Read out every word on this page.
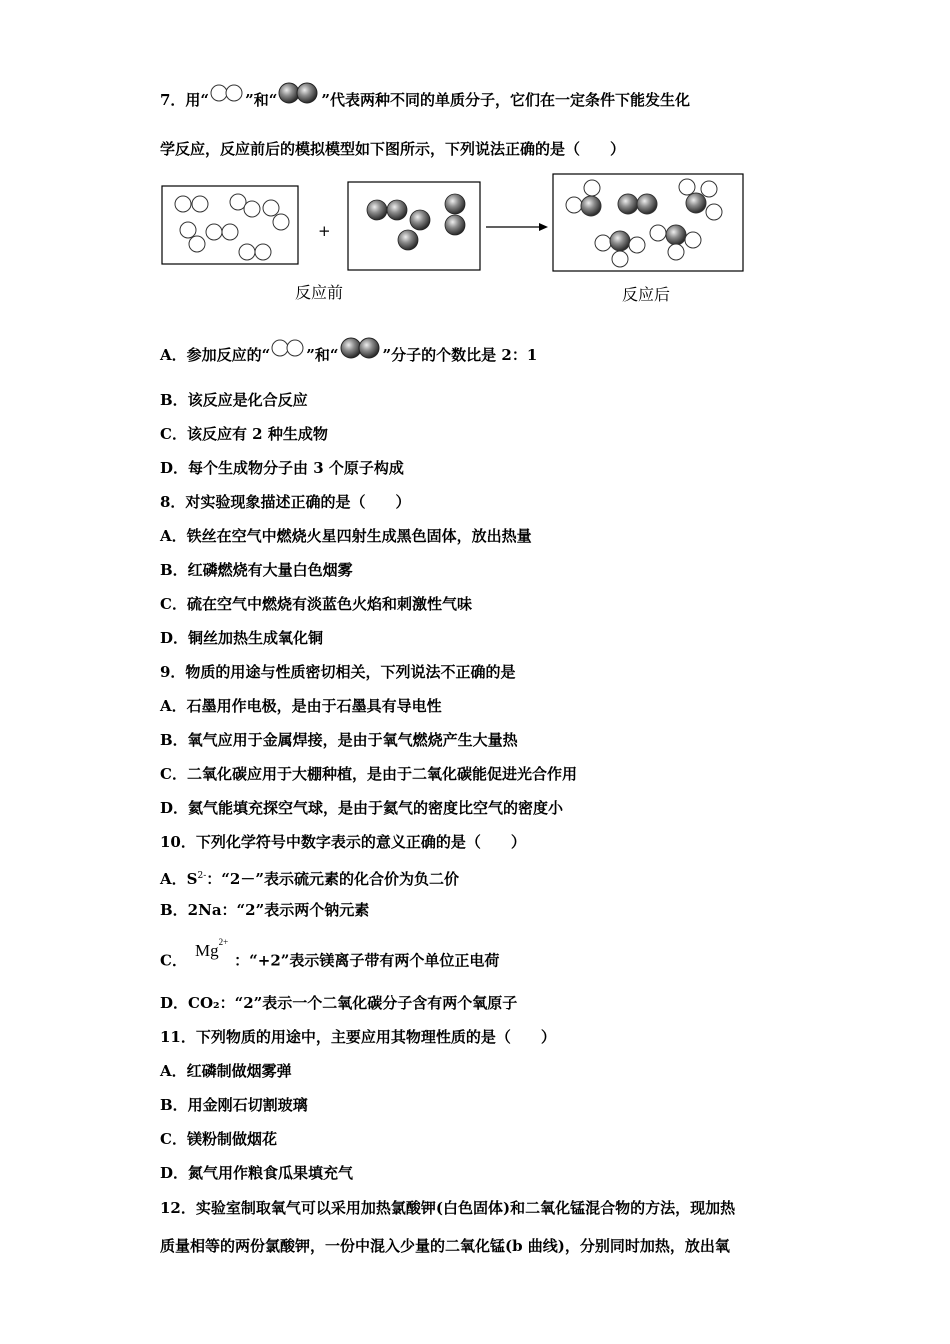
7．用“ ”和“	”代表两种不同的单质分子，它们在一定条件下能发生化
学反应，反应前后的模拟模型如下图所示，下列说法正确的是（　　）
+
反应前	反应后
A．参加反应的“ ”和“	”分子的个数比是 2：1
B．该反应是化合反应
C．该反应有 2 种生成物
D．每个生成物分子由 3 个原子构成
8．对实验现象描述正确的是（　　）
A．铁丝在空气中燃烧火星四射生成黑色固体，放出热量
B．红磷燃烧有大量白色烟雾
C．硫在空气中燃烧有淡蓝色火焰和刺激性气味
D．铜丝加热生成氧化铜
9．物质的用途与性质密切相关，下列说法不正确的是
A．石墨用作电极，是由于石墨具有导电性
B．氧气应用于金属焊接，是由于氧气燃烧产生大量热
C．二氧化碳应用于大棚种植，是由于二氧化碳能促进光合作用
D．氦气能填充探空气球，是由于氦气的密度比空气的密度小
10．下列化学符号中数字表示的意义正确的是（　　）
A．$S^{2-}$：“2－”表示硫元素的化合价为负二价
B．2Na：“2”表示两个钠元素
C．$Mg^{2+}$：“+2”表示镁离子带有两个单位正电荷
D．CO₂：“2”表示一个二氧化碳分子含有两个氧原子
11．下列物质的用途中，主要应用其物理性质的是（　　）
A．红磷制做烟雾弹
B．用金刚石切割玻璃
C．镁粉制做烟花
D．氮气用作粮食瓜果填充气
12．实验室制取氧气可以采用加热氯酸钾(白色固体)和二氧化锰混合物的方法，现加热
质量相等的两份氯酸钾，一份中混入少量的二氧化锰(b 曲线)，分别同时加热，放出氧
